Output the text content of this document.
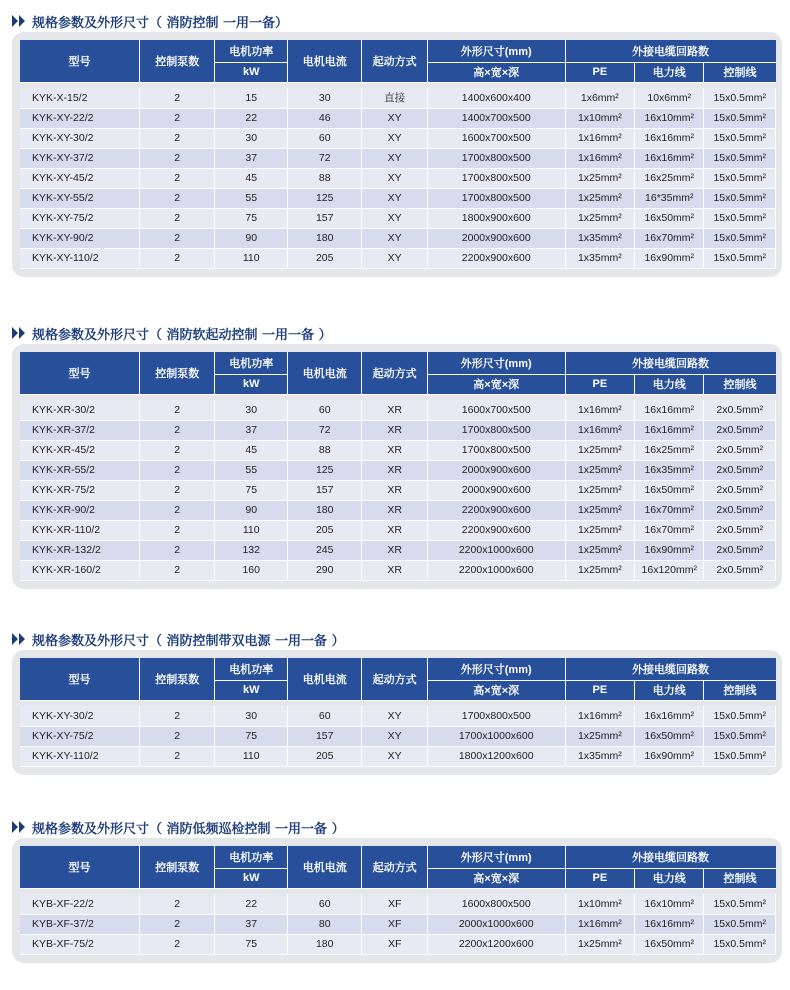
规格参数及外形尺寸（ 消防控制 一用一备）
型号	控制泵数	电机功率	电机电流	起动方式	外形尺寸(mm)	外接电缆回路数		
		kW			高×宽×深	PE	电力线	控制线

KYK-X-15/2	2	15	30	直接	1400x600x400	1x6mm²	10x6mm²	15x0.5mm²
KYK-XY-22/2	2	22	46	XY	1400x700x500	1x10mm²	16x10mm²	15x0.5mm²
KYK-XY-30/2	2	30	60	XY	1600x700x500	1x16mm²	16x16mm²	15x0.5mm²
KYK-XY-37/2	2	37	72	XY	1700x800x500	1x16mm²	16x16mm²	15x0.5mm²
KYK-XY-45/2	2	45	88	XY	1700x800x500	1x25mm²	16x25mm²	15x0.5mm²
KYK-XY-55/2	2	55	125	XY	1700x800x500	1x25mm²	16*35mm²	15x0.5mm²
KYK-XY-75/2	2	75	157	XY	1800x900x600	1x25mm²	16x50mm²	15x0.5mm²
KYK-XY-90/2	2	90	180	XY	2000x900x600	1x35mm²	16x70mm²	15x0.5mm²
KYK-XY-110/2	2	110	205	XY	2200x900x600	1x35mm²	16x90mm²	15x0.5mm²
规格参数及外形尺寸（ 消防软起动控制 一用一备 ）
型号	控制泵数	电机功率	电机电流	起动方式	外形尺寸(mm)	外接电缆回路数		
		kW			高×宽×深	PE	电力线	控制线

KYK-XR-30/2	2	30	60	XR	1600x700x500	1x16mm²	16x16mm²	2x0.5mm²
KYK-XR-37/2	2	37	72	XR	1700x800x500	1x16mm²	16x16mm²	2x0.5mm²
KYK-XR-45/2	2	45	88	XR	1700x800x500	1x25mm²	16x25mm²	2x0.5mm²
KYK-XR-55/2	2	55	125	XR	2000x900x600	1x25mm²	16x35mm²	2x0.5mm²
KYK-XR-75/2	2	75	157	XR	2000x900x600	1x25mm²	16x50mm²	2x0.5mm²
KYK-XR-90/2	2	90	180	XR	2200x900x600	1x25mm²	16x70mm²	2x0.5mm²
KYK-XR-110/2	2	110	205	XR	2200x900x600	1x25mm²	16x70mm²	2x0.5mm²
KYK-XR-132/2	2	132	245	XR	2200x1000x600	1x25mm²	16x90mm²	2x0.5mm²
KYK-XR-160/2	2	160	290	XR	2200x1000x600	1x25mm²	16x120mm²	2x0.5mm²
规格参数及外形尺寸（ 消防控制带双电源 一用一备 ）
型号	控制泵数	电机功率	电机电流	起动方式	外形尺寸(mm)	外接电缆回路数		
		kW			高×宽×深	PE	电力线	控制线

KYK-XY-30/2	2	30	60	XY	1700x800x500	1x16mm²	16x16mm²	15x0.5mm²
KYK-XY-75/2	2	75	157	XY	1700x1000x600	1x25mm²	16x50mm²	15x0.5mm²
KYK-XY-110/2	2	110	205	XY	1800x1200x600	1x35mm²	16x90mm²	15x0.5mm²
规格参数及外形尺寸（ 消防低频巡检控制 一用一备 ）
型号	控制泵数	电机功率	电机电流	起动方式	外形尺寸(mm)	外接电缆回路数		
		kW			高×宽×深	PE	电力线	控制线

KYB-XF-22/2	2	22	60	XF	1600x800x500	1x10mm²	16x10mm²	15x0.5mm²
KYB-XF-37/2	2	37	80	XF	2000x1000x600	1x16mm²	16x16mm²	15x0.5mm²
KYB-XF-75/2	2	75	180	XF	2200x1200x600	1x25mm²	16x50mm²	15x0.5mm²
